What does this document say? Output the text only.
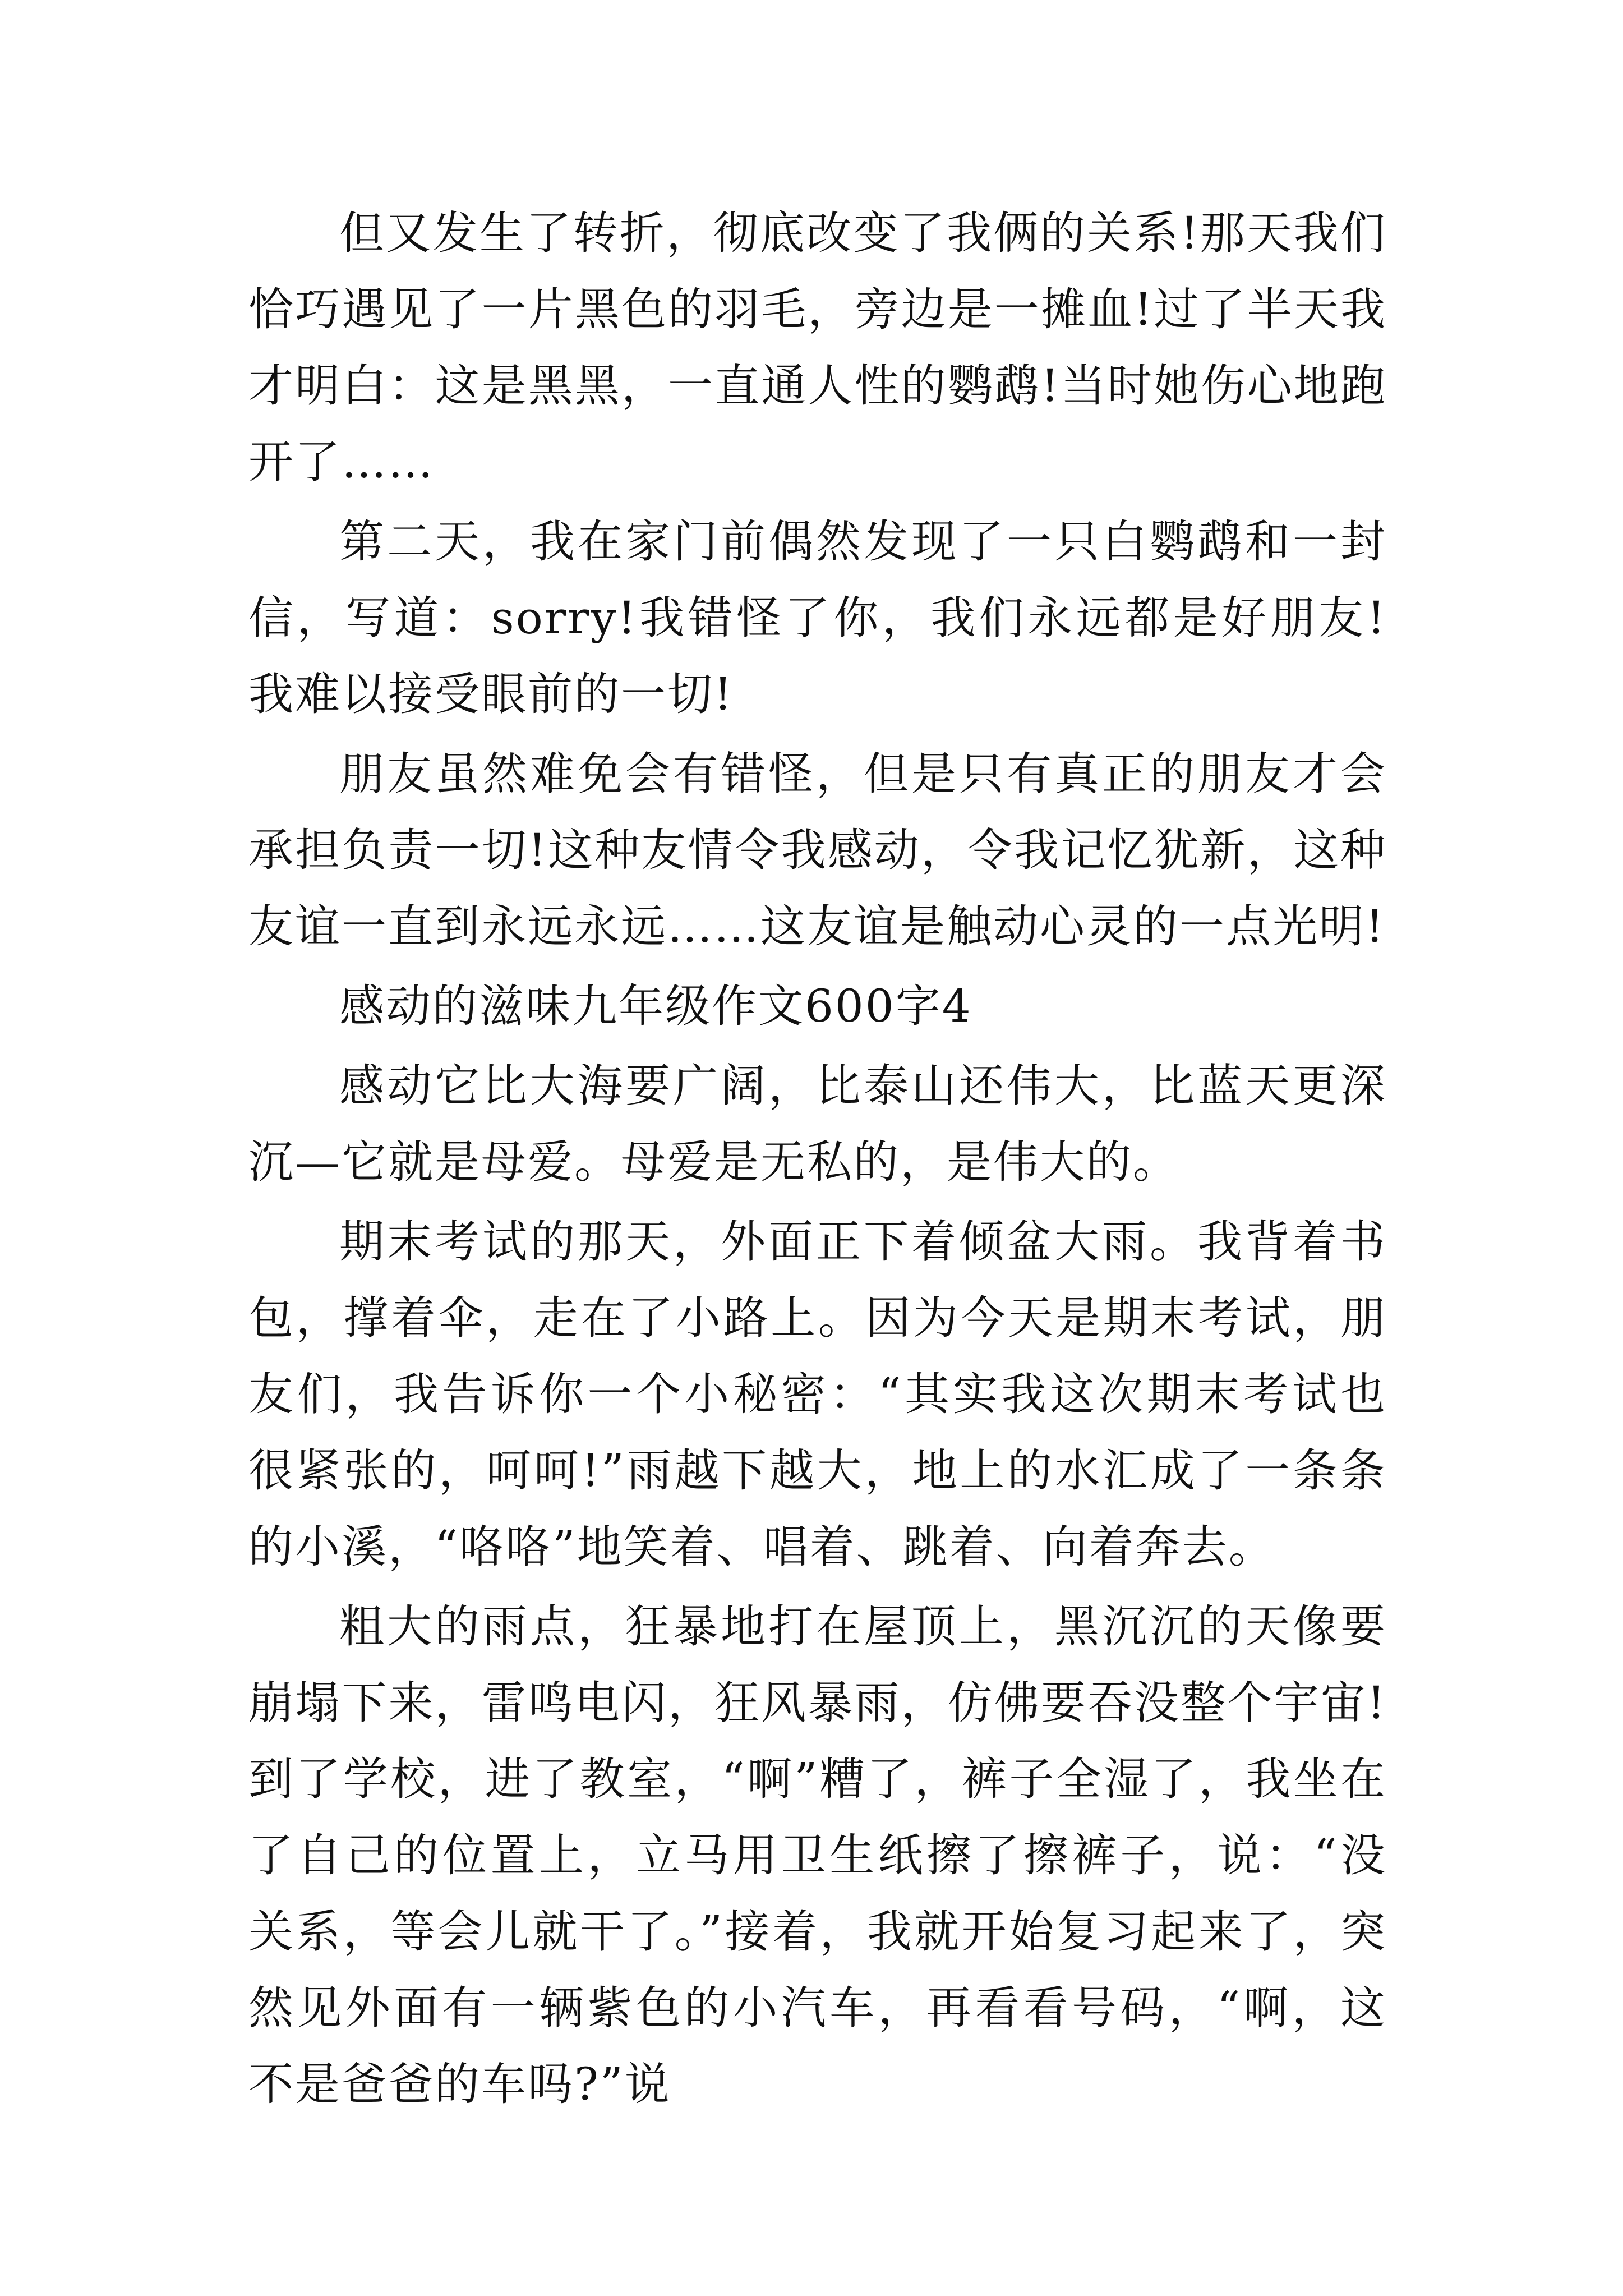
但又发生了转折，彻底改变了我俩的关系!那天我们恰巧遇见了一片黑色的羽毛，旁边是一摊血!过了半天我才明白：这是黑黑，一直通人性的鹦鹉!当时她伤心地跑开了……

第二天，我在家门前偶然发现了一只白鹦鹉和一封信，写道：sorry!我错怪了你，我们永远都是好朋友!我难以接受眼前的一切!

朋友虽然难免会有错怪，但是只有真正的朋友才会承担负责一切!这种友情令我感动，令我记忆犹新，这种友谊一直到永远永远……这友谊是触动心灵的一点光明!

感动的滋味九年级作文600字4

感动它比大海要广阔，比泰山还伟大，比蓝天更深沉—它就是母爱。母爱是无私的，是伟大的。

期末考试的那天，外面正下着倾盆大雨。我背着书包，撑着伞，走在了小路上。因为今天是期末考试，朋友们，我告诉你一个小秘密：“其实我这次期末考试也很紧张的，呵呵!”雨越下越大，地上的水汇成了一条条的小溪，“咯咯”地笑着、唱着、跳着、向着奔去。

粗大的雨点，狂暴地打在屋顶上，黑沉沉的天像要崩塌下来，雷鸣电闪，狂风暴雨，仿佛要吞没整个宇宙!到了学校，进了教室，“啊”糟了，裤子全湿了，我坐在了自己的位置上，立马用卫生纸擦了擦裤子，说：“没关系，等会儿就干了。”接着，我就开始复习起来了，突然见外面有一辆紫色的小汽车，再看看号码，“啊，这不是爸爸的车吗?”说
